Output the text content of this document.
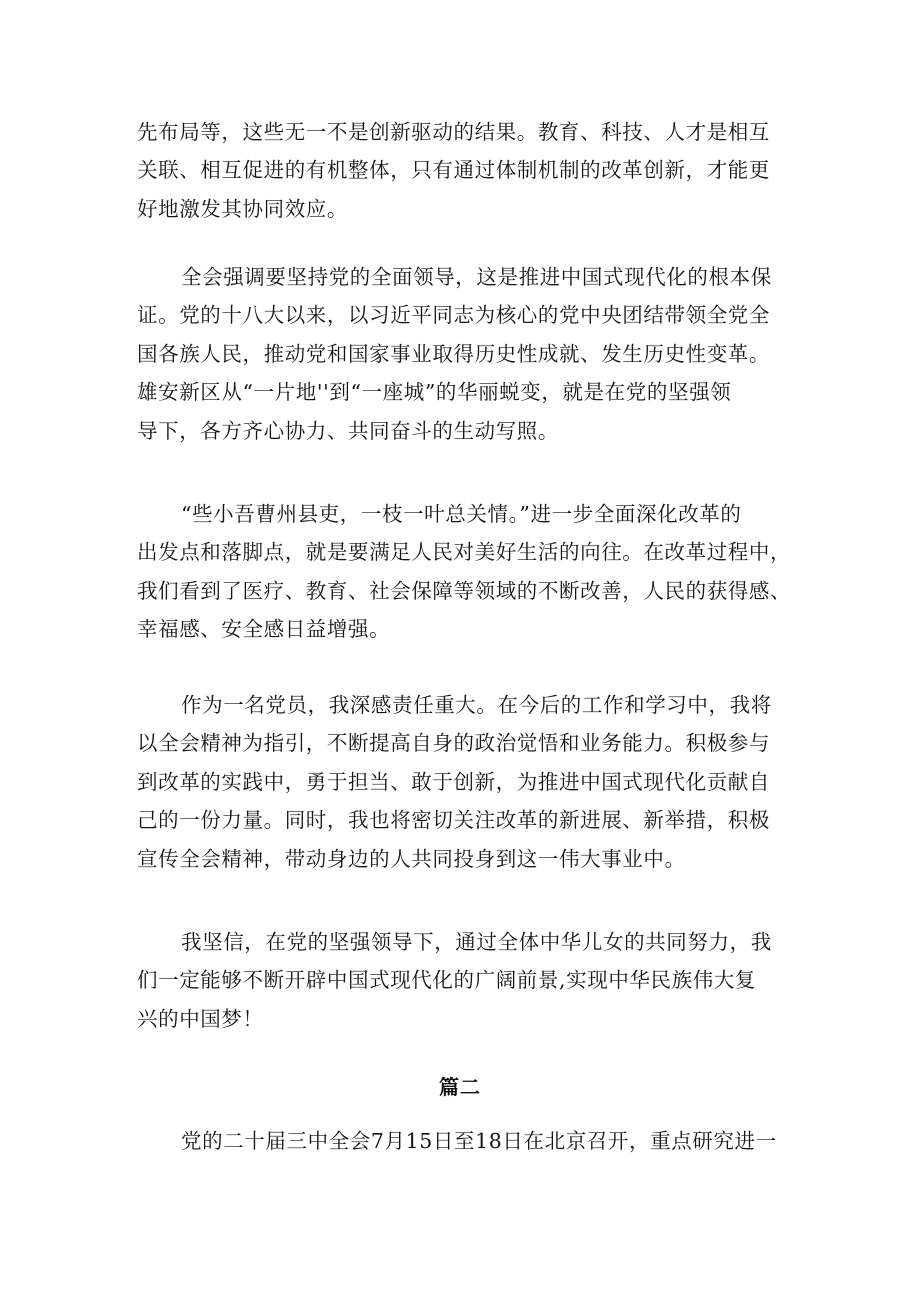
先布局等，这些无一不是创新驱动的结果。教育、科技、人才是相互
关联、相互促进的有机整体，只有通过体制机制的改革创新，才能更
好地激发其协同效应。
全会强调要坚持党的全面领导，这是推进中国式现代化的根本保
证。党的十八大以来，以习近平同志为核心的党中央团结带领全党全
国各族人民，推动党和国家事业取得历史性成就、发生历史性变革。
雄安新区从“一片地''到“一座城”的华丽蜕变，就是在党的坚强领
导下，各方齐心协力、共同奋斗的生动写照。
“些小吾曹州县吏，一枝一叶总关情。”进一步全面深化改革的
出发点和落脚点，就是要满足人民对美好生活的向往。在改革过程中，
我们看到了医疗、教育、社会保障等领域的不断改善，人民的获得感、
幸福感、安全感日益增强。
作为一名党员，我深感责任重大。在今后的工作和学习中，我将
以全会精神为指引，不断提高自身的政治觉悟和业务能力。积极参与
到改革的实践中，勇于担当、敢于创新，为推进中国式现代化贡献自
己的一份力量。同时，我也将密切关注改革的新进展、新举措，积极
宣传全会精神，带动身边的人共同投身到这一伟大事业中。
我坚信，在党的坚强领导下，通过全体中华儿女的共同努力，我
们一定能够不断开辟中国式现代化的广阔前景,实现中华民族伟大复
兴的中国梦！
篇二
党的二十届三中全会7月15日至18日在北京召开，重点研究进一
